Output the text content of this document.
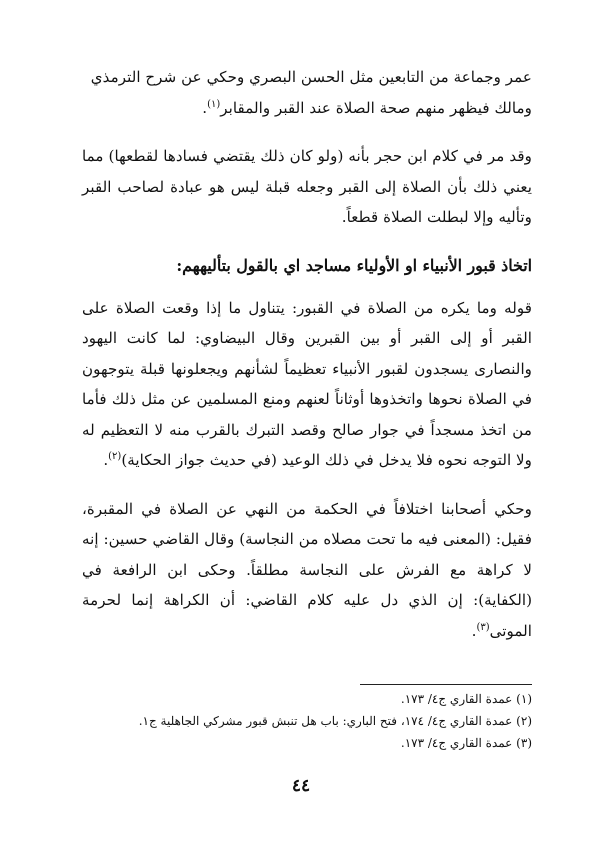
عمر وجماعة من التابعين مثل الحسن البصري وحكي عن شرح الترمذي
ومالك فيظهر منهم صحة الصلاة عند القبر والمقابر$^{(١)}$.

وقد مر في كلام ابن حجر بأنه (ولو كان ذلك يقتضي فسادها لقطعها) مما يعني ذلك بأن الصلاة إلى القبر وجعله قبلة ليس هو عبادة لصاحب القبر وتأليه وإلا لبطلت الصلاة قطعاً.

اتخاذ قبور الأنبياء او الأولياء مساجد اي بالقول بتأليههم:

قوله وما يكره من الصلاة في القبور: يتناول ما إذا وقعت الصلاة على القبر أو إلى القبر أو بين القبرين وقال البيضاوي: لما كانت اليهود والنصارى يسجدون لقبور الأنبياء تعظيماً لشأنهم ويجعلونها قبلة يتوجهون في الصلاة نحوها واتخذوها أوثاناً لعنهم ومنع المسلمين عن مثل ذلك فأما من اتخذ مسجداً في جوار صالح وقصد التبرك بالقرب منه لا التعظيم له ولا التوجه نحوه فلا يدخل في ذلك الوعيد (في حديث جواز الحكاية)$^{(٢)}$.

وحكي أصحابنا اختلافاً في الحكمة من النهي عن الصلاة في المقبرة، فقيل: (المعنى فيه ما تحت مصلاه من النجاسة) وقال القاضي حسين: إنه لا كراهة مع الفرش على النجاسة مطلقاً. وحكى ابن الرافعة في (الكفاية): إن الذي دل عليه كلام القاضي: أن الكراهة إنما لحرمة الموتى$^{(٣)}$.

(١) عمدة القاري ج٤/ ١٧٣.

(٢) عمدة القاري ج٤/ ١٧٤، فتح الباري: باب هل تنبش قبور مشركي الجاهلية ج١.

(٣) عمدة القاري ج٤/ ١٧٣.

٤٤
